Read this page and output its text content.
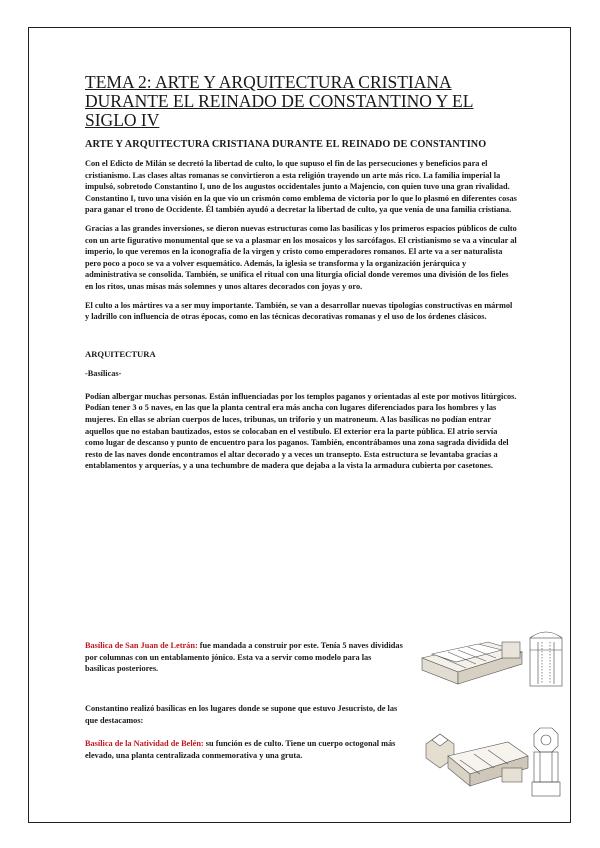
TEMA 2: ARTE Y ARQUITECTURA CRISTIANA DURANTE EL REINADO DE CONSTANTINO Y EL SIGLO IV
ARTE Y ARQUITECTURA CRISTIANA DURANTE EL REINADO DE CONSTANTINO

Con el Edicto de Milán se decretó la libertad de culto, lo que supuso el fin de las persecuciones y beneficios para el cristianismo. Las clases altas romanas se convirtieron a esta religión trayendo un arte más rico. La familia imperial la impulsó, sobretodo Constantino I, uno de los augustos occidentales junto a Majencio, con quien tuvo una gran rivalidad. Constantino I, tuvo una visión en la que vio un crismón como emblema de victoria por lo que lo plasmó en diferentes cosas para ganar el trono de Occidente. Él también ayudó a decretar la libertad de culto, ya que venía de una familia cristiana.

Gracias a las grandes inversiones, se dieron nuevas estructuras como las basílicas y los primeros espacios públicos de culto con un arte figurativo monumental que se va a plasmar en los mosaicos y los sarcófagos. El cristianismo se va a vincular al imperio, lo que veremos en la iconografía de la virgen y cristo como emperadores romanos. El arte va a ser naturalista pero poco a poco se va a volver esquemático. Además, la iglesia se transforma y la organización jerárquica y administrativa se consolida. También, se unifica el ritual con una liturgia oficial donde veremos una división de los fieles en los ritos, unas misas más solemnes y unos altares decorados con joyas y oro.

El culto a los mártires va a ser muy importante. También, se van a desarrollar nuevas tipologías constructivas en mármol y ladrillo con influencia de otras épocas, como en las técnicas decorativas romanas y el uso de los órdenes clásicos.

ARQUITECTURA
-Basílicas-

Podían albergar muchas personas. Están influenciadas por los templos paganos y orientadas al este por motivos litúrgicos. Podían tener 3 o 5 naves, en las que la planta central era más ancha con lugares diferenciados para los hombres y las mujeres. En ellas se abrían cuerpos de luces, tribunas, un triforio y un matroneum. A las basílicas no podían entrar aquellos que no estaban bautizados, estos se colocaban en el vestíbulo. El exterior era la parte pública. El atrio servía como lugar de descanso y punto de encuentro para los paganos. También, encontrábamos una zona sagrada dividida del resto de las naves donde encontramos el altar decorado y a veces un transepto. Esta estructura se levantaba gracias a entablamentos y arquerías, y a una techumbre de madera que dejaba a la vista la armadura cubierta por casetones.

Basílica de San Juan de Letrán: fue mandada a construir por este. Tenía 5 naves divididas por columnas con un entablamento jónico. Esta va a servir como modelo para las basílicas posteriores.

Constantino realizó basílicas en los lugares donde se supone que estuvo Jesucristo, de las que destacamos:

Basílica de la Natividad de Belén: su función es de culto. Tiene un cuerpo octogonal más elevado, una planta centralizada conmemorativa y una gruta.
